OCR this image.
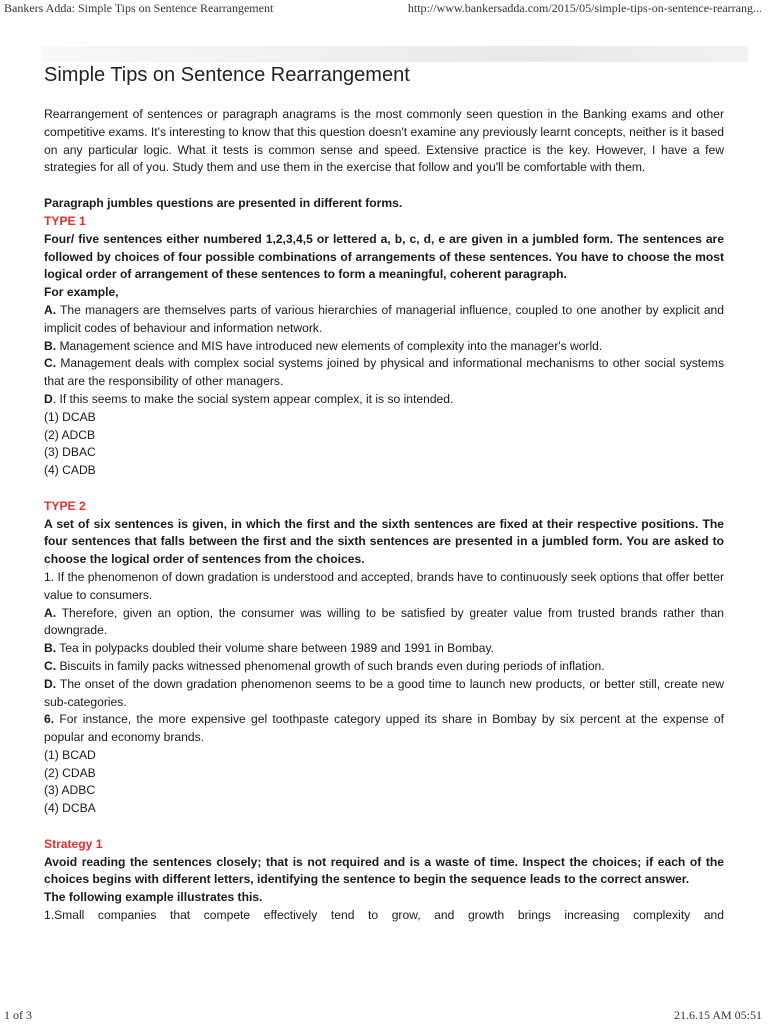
Bankers Adda: Simple Tips on Sentence Rearrangement	http://www.bankersadda.com/2015/05/simple-tips-on-sentence-rearrang...
Simple Tips on Sentence Rearrangement

Rearrangement of sentences or paragraph anagrams is the most commonly seen question in the Banking exams and other competitive exams. It's interesting to know that this question doesn't examine any previously learnt concepts, neither is it based on any particular logic. What it tests is common sense and speed. Extensive practice is the key. However, I have a few strategies for all of you. Study them and use them in the exercise that follow and you'll be comfortable with them.

Paragraph jumbles questions are presented in different forms.

TYPE 1

Four/ five sentences either numbered 1,2,3,4,5 or lettered a, b, c, d, e are given in a jumbled form. The sentences are followed by choices of four possible combinations of arrangements of these sentences. You have to choose the most logical order of arrangement of these sentences to form a meaningful, coherent paragraph.

For example,

A. The managers are themselves parts of various hierarchies of managerial influence, coupled to one another by explicit and implicit codes of behaviour and information network.

B. Management science and MIS have introduced new elements of complexity into the manager's world.

C. Management deals with complex social systems joined by physical and informational mechanisms to other social systems that are the responsibility of other managers.

D. If this seems to make the social system appear complex, it is so intended.

(1) DCAB

(2) ADCB

(3) DBAC

(4) CADB

TYPE 2

A set of six sentences is given, in which the first and the sixth sentences are fixed at their respective positions. The four sentences that falls between the first and the sixth sentences are presented in a jumbled form. You are asked to choose the logical order of sentences from the choices.

1. If the phenomenon of down gradation is understood and accepted, brands have to continuously seek options that offer better value to consumers.

A. Therefore, given an option, the consumer was willing to be satisfied by greater value from trusted brands rather than downgrade.

B. Tea in polypacks doubled their volume share between 1989 and 1991 in Bombay.

C. Biscuits in family packs witnessed phenomenal growth of such brands even during periods of inflation.

D. The onset of the down gradation phenomenon seems to be a good time to launch new products, or better still, create new sub-categories.

6. For instance, the more expensive gel toothpaste category upped its share in Bombay by six percent at the expense of popular and economy brands.

(1) BCAD

(2) CDAB

(3) ADBC

(4) DCBA

Strategy 1

Avoid reading the sentences closely; that is not required and is a waste of time. Inspect the choices; if each of the choices begins with different letters, identifying the sentence to begin the sequence leads to the correct answer.

The following example illustrates this.

1.Small companies that compete effectively tend to grow, and growth brings increasing complexity and

1 of 3	21.6.15 AM 05:51
